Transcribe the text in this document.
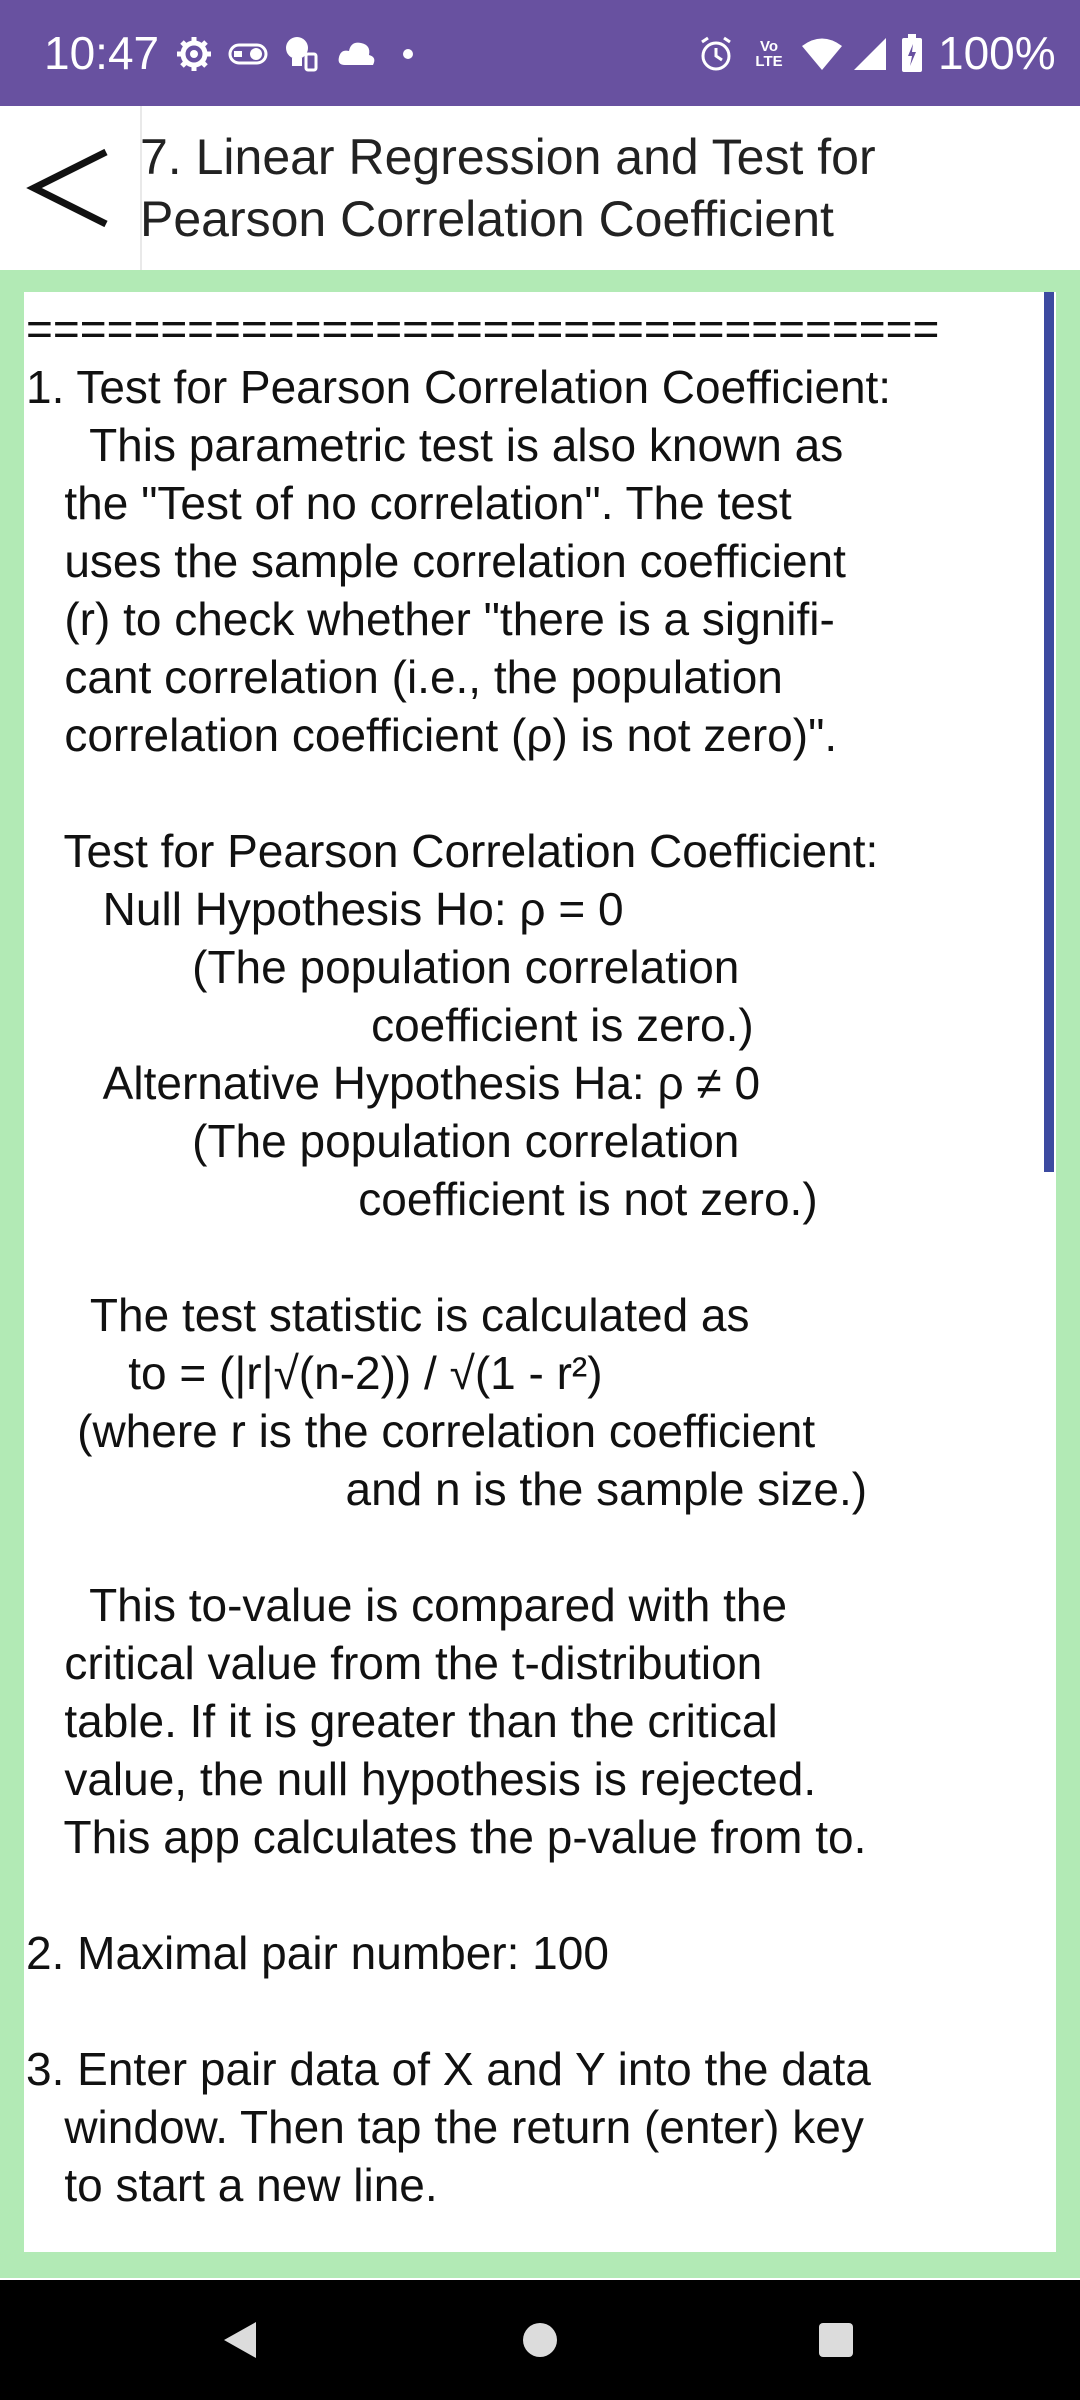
10:47	Vo
LTE	100%
7. Linear Regression and Test for
Pearson Correlation Coefficient
==================================
1. Test for Pearson Correlation Coefficient:
This parametric test is also known as
the "Test of no correlation". The test
uses the sample correlation coefficient
(r) to check whether "there is a signifi-
cant correlation (i.e., the population
correlation coefficient (ρ) is not zero)".

Test for Pearson Correlation Coefficient:
Null Hypothesis Ho: ρ = 0
(The population correlation
coefficient is zero.)
Alternative Hypothesis Ha: ρ ≠ 0
(The population correlation
coefficient is not zero.)

The test statistic is calculated as
to = (|r|√(n-2)) / √(1 - r²)
(where r is the correlation coefficient
and n is the sample size.)

This to-value is compared with the
critical value from the t-distribution
table. If it is greater than the critical
value, the null hypothesis is rejected.
This app calculates the p-value from to.

2. Maximal pair number: 100

3. Enter pair data of X and Y into the data
window. Then tap the return (enter) key
to start a new line.
